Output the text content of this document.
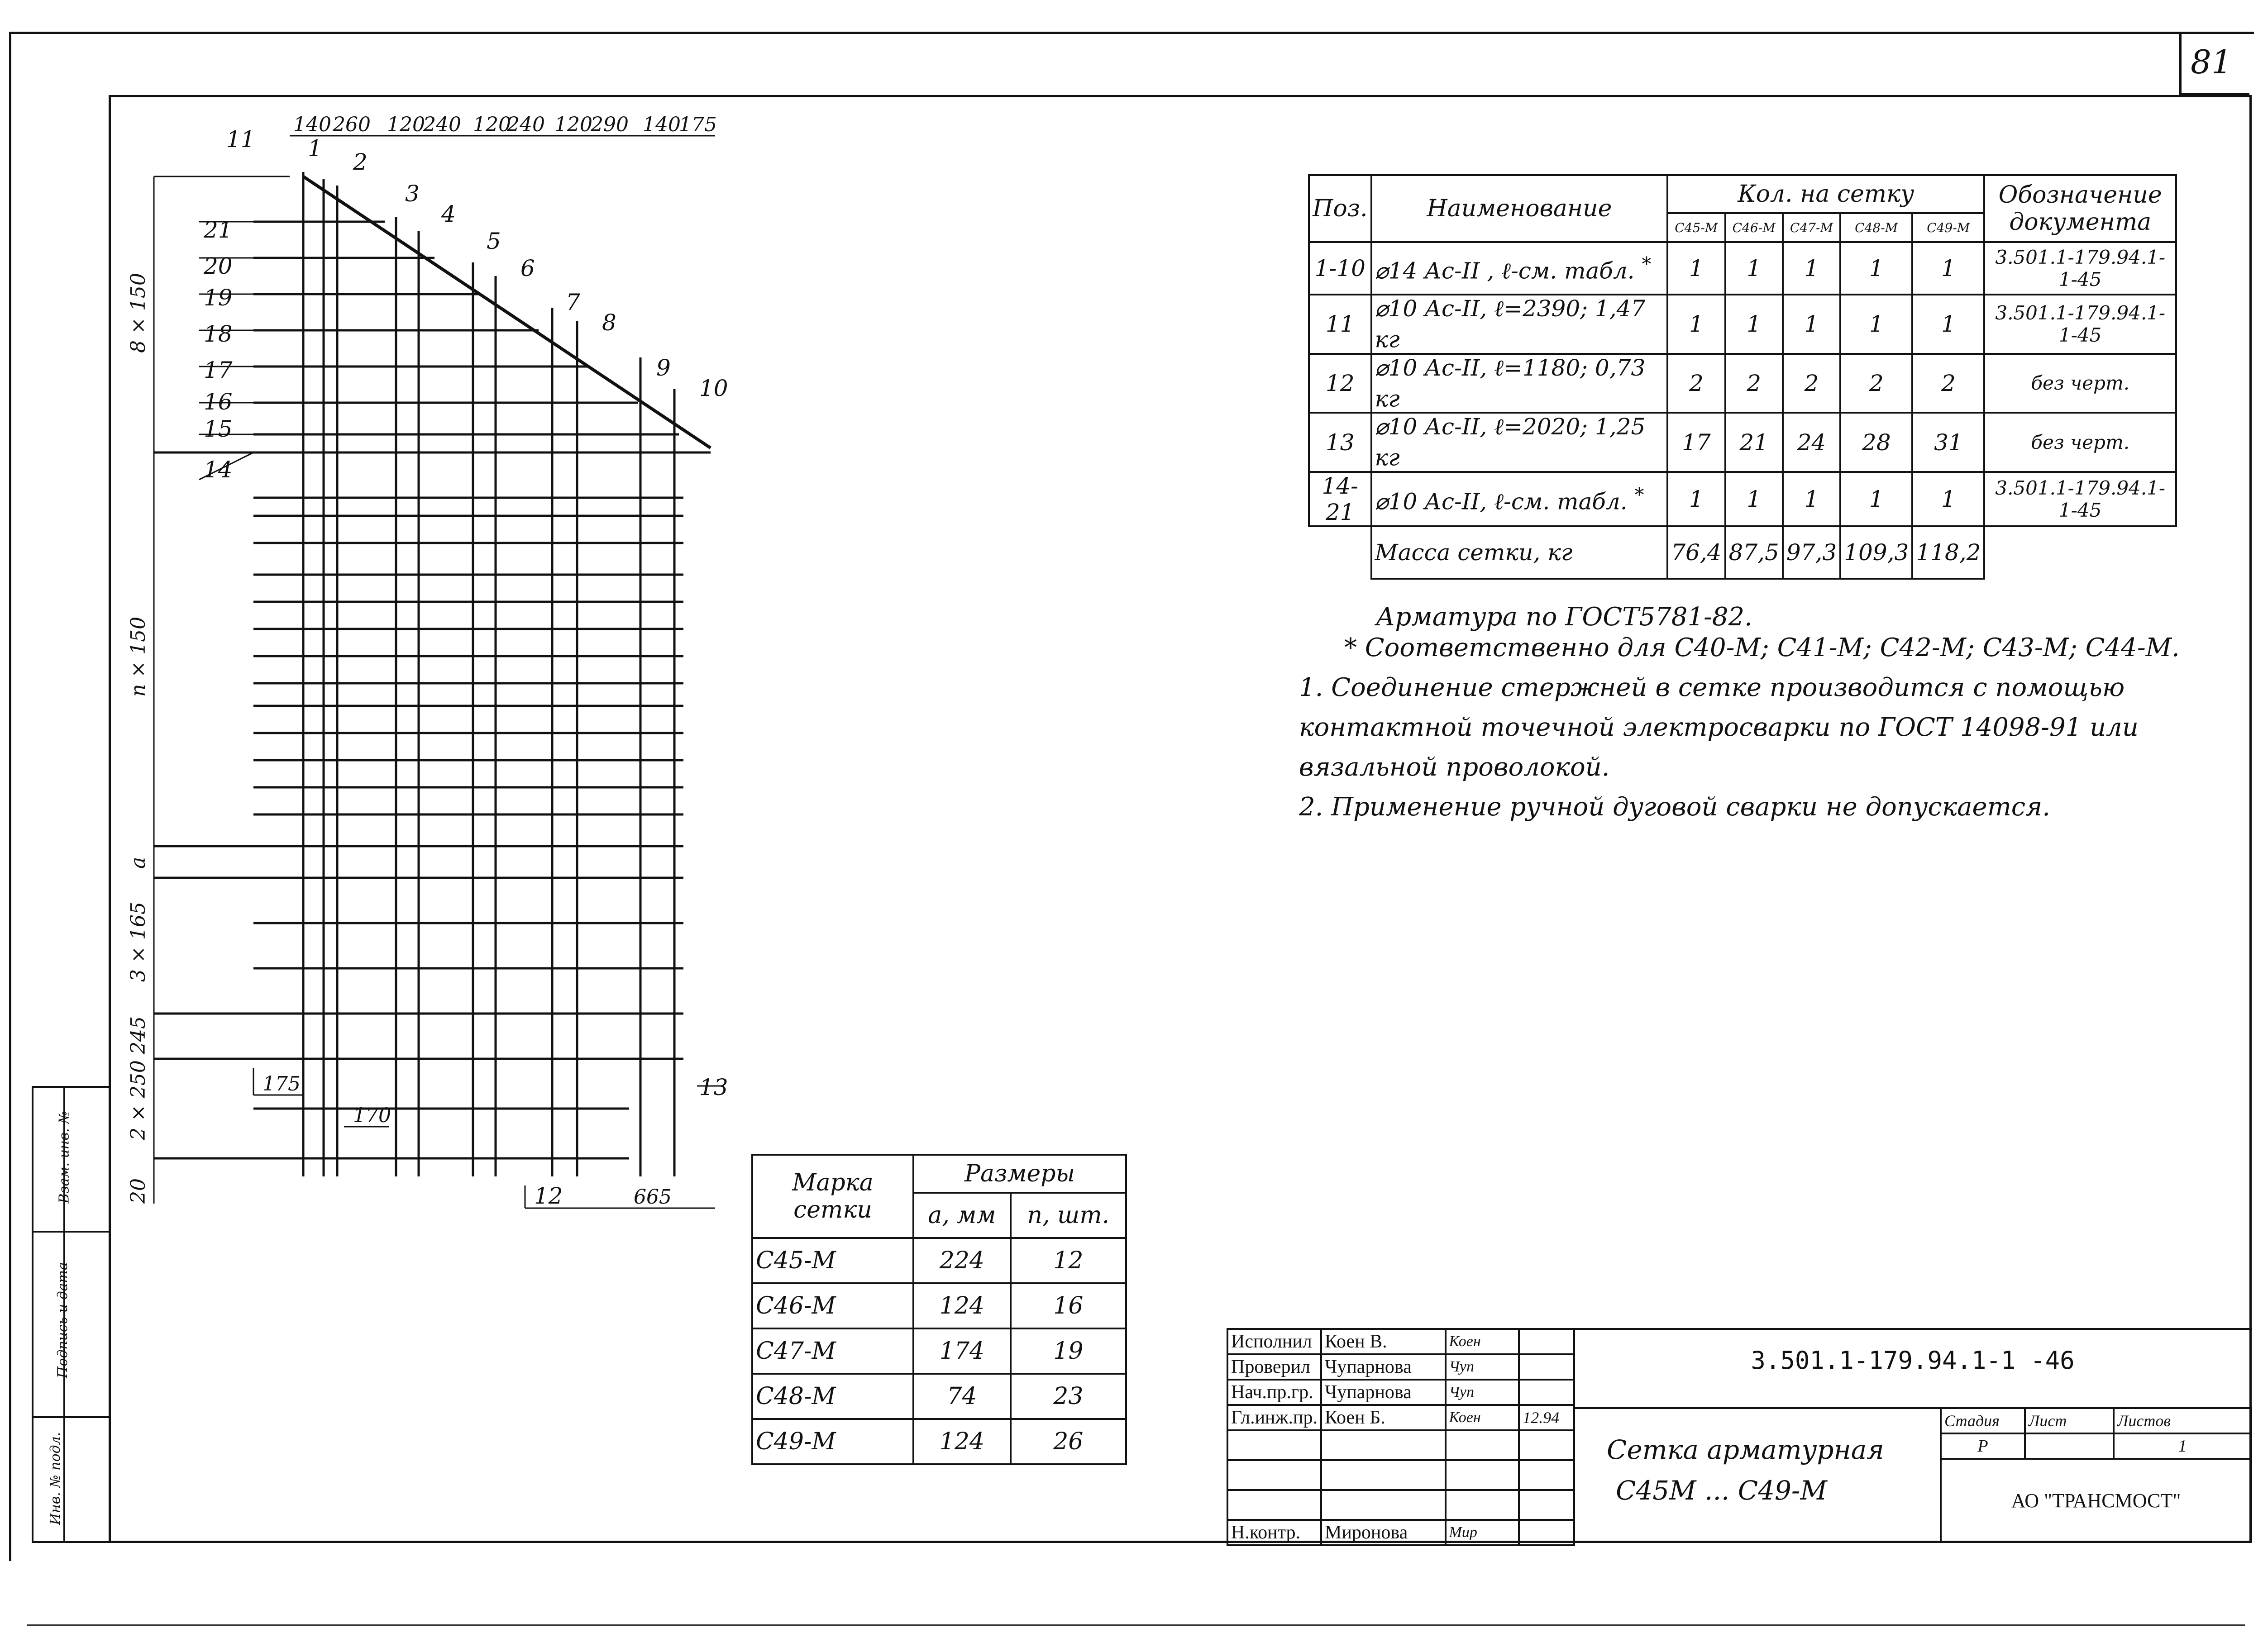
81
Взам. инв. №
Подпись и дата
Инв. № подл.
140 260 120
240 120
240 120
290 140
175
1
2
3
4
5
6
7
8
9
10
11
21
20
19
18
17
16
15
14
13
12
8 × 150
n × 150
a
3 × 165
245
2 × 250
20
175
170
665
Поз.	Наименование	Кол. на сетку					Обозначение документа
		С45-М	С46-М	С47-М	С48-М	С49-М	
1-10	⌀14 Ас-II , ℓ-см. табл. *	1	1	1	1	1	3.501.1-179.94.1-1-45
11	⌀10 Ас-II, ℓ=2390; 1,47 кг	1	1	1	1	1	3.501.1-179.94.1-1-45
12	⌀10 Ас-II, ℓ=1180; 0,73 кг	2	2	2	2	2	без черт.
13	⌀10 Ас-II, ℓ=2020; 1,25 кг	17	21	24	28	31	без черт.
14-21	⌀10 Ас-II, ℓ-см. табл. *	1	1	1	1	1	3.501.1-179.94.1-1-45
	Масса сетки, кг	76,4	87,5	97,3	109,3	118,2	

Арматура по ГОСТ5781-82.

* Соответственно для С40-М; С41-М; С42-М; С43-М; С44-М.

1. Соединение стержней в сетке производится с помощью

контактной точечной электросварки по ГОСТ 14098-91 или

вязальной проволокой.

2. Применение ручной дуговой сварки не допускается.

Марка сетки	Размеры	
	a, мм	n, шт.
С45-М	224	12
С46-М	124	16
С47-М	174	19
С48-М	74	23
С49-М	124	26
Исполнил	Коен В.	Коен	
Проверил	Чупарнова	Чуп	
Нач.пр.гр.	Чупарнова	Чуп	
Гл.инж.пр.	Коен Б.	Коен	12.94

Н.контр.	Миронова	Мир	
3.501.1-179.94.1-1 -46
Сетка арматурная
С45М ... С49-М
Стадия	Лист	Листов
Р		1
АО "ТРАНСМОСТ"		
